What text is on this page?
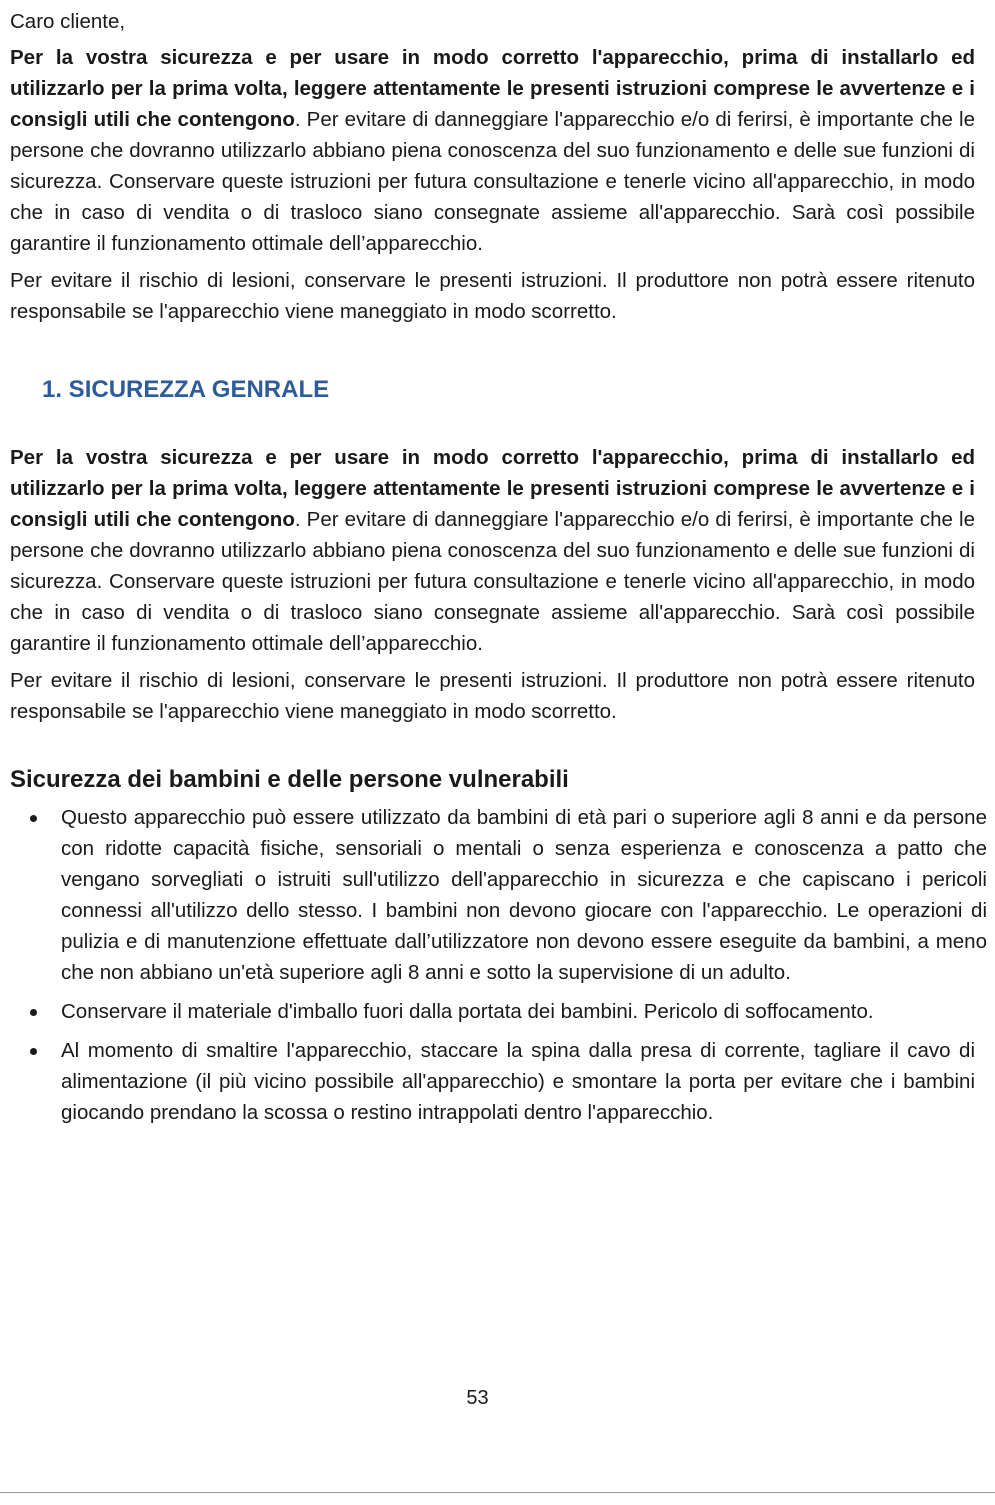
Caro cliente,

Per la vostra sicurezza e per usare in modo corretto l'apparecchio, prima di installarlo ed utilizzarlo per la prima volta, leggere attentamente le presenti istruzioni comprese le avvertenze e i consigli utili che contengono. Per evitare di danneggiare l'apparecchio e/o di ferirsi, è importante che le persone che dovranno utilizzarlo abbiano piena conoscenza del suo funzionamento e delle sue funzioni di sicurezza. Conservare queste istruzioni per futura consultazione e tenerle vicino all'apparecchio, in modo che in caso di vendita o di trasloco siano consegnate assieme all'apparecchio. Sarà così possibile garantire il funzionamento ottimale dell’apparecchio.

Per evitare il rischio di lesioni, conservare le presenti istruzioni. Il produttore non potrà essere ritenuto responsabile se l'apparecchio viene maneggiato in modo scorretto.

1. SICUREZZA GENRALE

Per la vostra sicurezza e per usare in modo corretto l'apparecchio, prima di installarlo ed utilizzarlo per la prima volta, leggere attentamente le presenti istruzioni comprese le avvertenze e i consigli utili che contengono. Per evitare di danneggiare l'apparecchio e/o di ferirsi, è importante che le persone che dovranno utilizzarlo abbiano piena conoscenza del suo funzionamento e delle sue funzioni di sicurezza. Conservare queste istruzioni per futura consultazione e tenerle vicino all'apparecchio, in modo che in caso di vendita o di trasloco siano consegnate assieme all'apparecchio. Sarà così possibile garantire il funzionamento ottimale dell’apparecchio.

Per evitare il rischio di lesioni, conservare le presenti istruzioni. Il produttore non potrà essere ritenuto responsabile se l'apparecchio viene maneggiato in modo scorretto.

Sicurezza dei bambini e delle persone vulnerabili
Questo apparecchio può essere utilizzato da bambini di età pari o superiore agli 8 anni e da persone con ridotte capacità fisiche, sensoriali o mentali o senza esperienza e conoscenza a patto che vengano sorvegliati o istruiti sull'utilizzo dell'apparecchio in sicurezza e che capiscano i pericoli connessi all'utilizzo dello stesso. I bambini non devono giocare con l'apparecchio. Le operazioni di pulizia e di manutenzione effettuate dall’utilizzatore non devono essere eseguite da bambini, a meno che non abbiano un'età superiore agli 8 anni e sotto la supervisione di un adulto.
Conservare il materiale d'imballo fuori dalla portata dei bambini. Pericolo di soffocamento.
Al momento di smaltire l'apparecchio, staccare la spina dalla presa di corrente, tagliare il cavo di alimentazione (il più vicino possibile all'apparecchio) e smontare la porta per evitare che i bambini giocando prendano la scossa o restino intrappolati dentro l'apparecchio.
53
